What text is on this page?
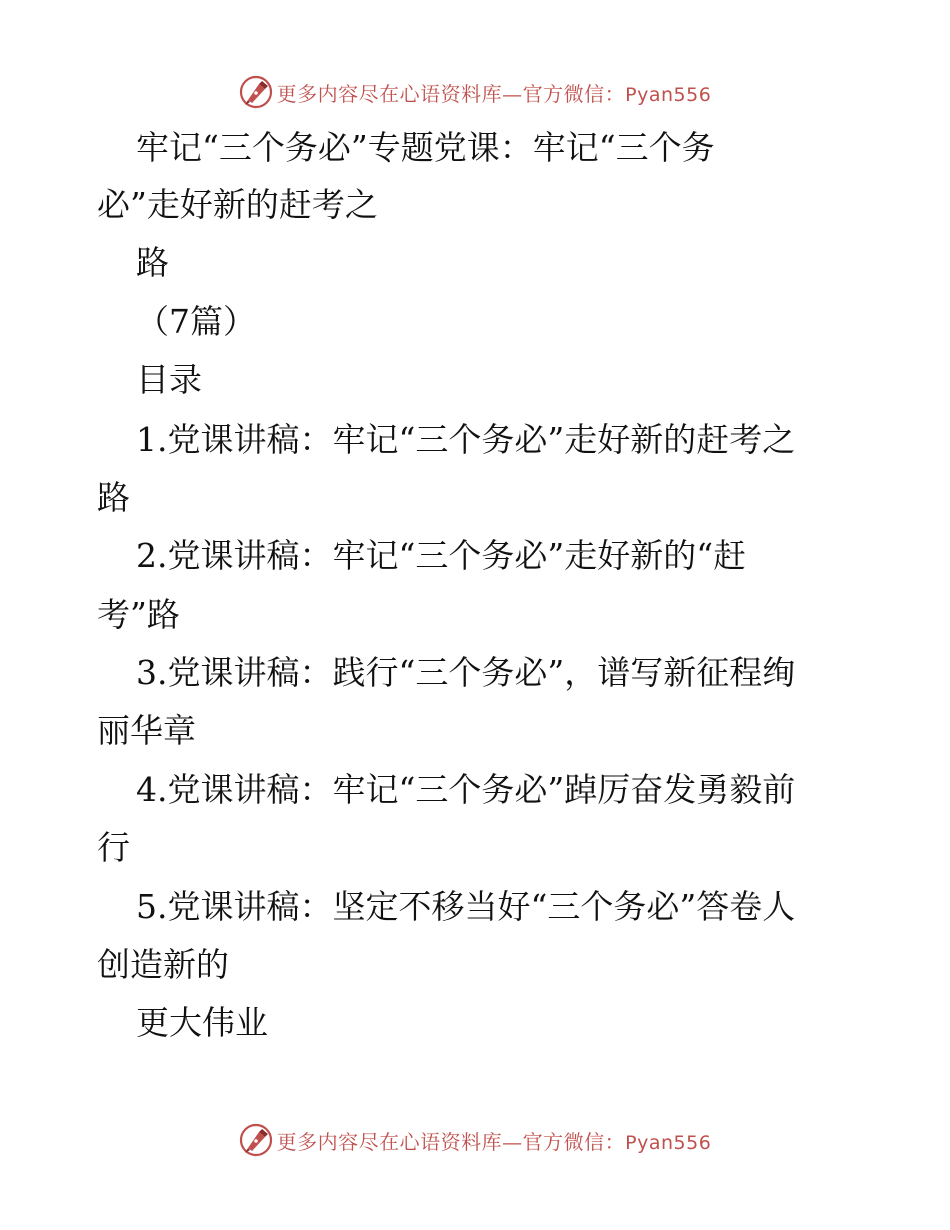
更多内容尽在心语资料库—官方微信：Pyan556
牢记“三个务必”专题党课：牢记“三个务
必”走好新的赶考之
路
（7篇）
目录
1.党课讲稿：牢记“三个务必”走好新的赶考之
路
2.党课讲稿：牢记“三个务必”走好新的“赶
考”路
3.党课讲稿：践行“三个务必”，谱写新征程绚
丽华章
4.党课讲稿：牢记“三个务必”踔厉奋发勇毅前
行
5.党课讲稿：坚定不移当好“三个务必”答卷人
创造新的
更大伟业
更多内容尽在心语资料库—官方微信：Pyan556
